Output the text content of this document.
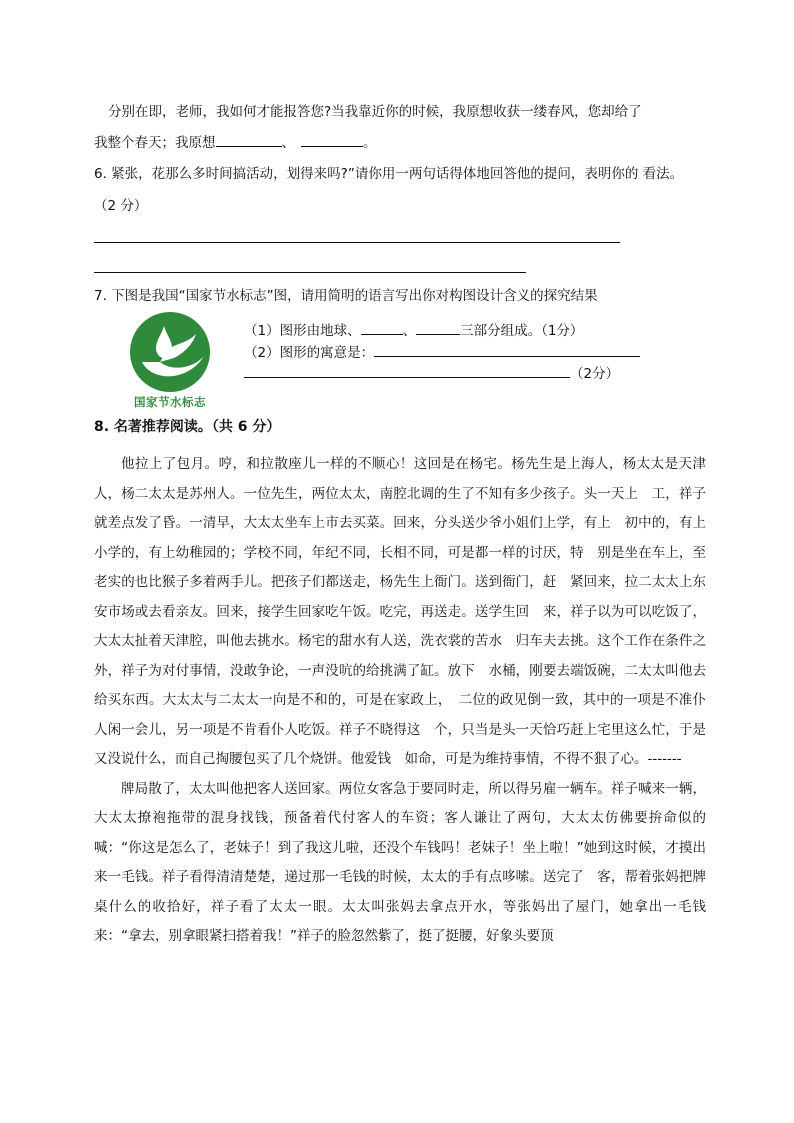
分别在即，老师，我如何才能报答您?当我靠近你的时候，我原想收获一缕春风，您却给了
我整个春天；我原想	、	。
6. 紧张，花那么多时间搞活动，划得来吗?”请你用一两句话得体地回答他的提问，表明你的 看法。
（2 分）
7. 下图是我国“国家节水标志”图，请用简明的语言写出你对构图设计含义的探究结果
国家节水标志
（1）图形由地球、	、	三部分组成。（1分）
（2）图形的寓意是：
（2分）
8. 名著推荐阅读。（共 6 分）

他拉上了包月。哼，和拉散座儿一样的不顺心！这回是在杨宅。杨先生是上海人，杨太太是天津人，杨二太太是苏州人。一位先生，两位太太，南腔北调的生了不知有多少孩子。头一天上　工，祥子就差点发了昏。一清早，大太太坐车上市去买菜。回来，分头送少爷小姐们上学，有上　初中的，有上小学的，有上幼稚园的；学校不同，年纪不同，长相不同，可是都一样的讨厌，特　别是坐在车上，至老实的也比猴子多着两手儿。把孩子们都送走，杨先生上衙门。送到衙门，赶　紧回来，拉二太太上东安市场或去看亲友。回来，接学生回家吃午饭。吃完，再送走。送学生回　来，祥子以为可以吃饭了，大太太扯着天津腔，叫他去挑水。杨宅的甜水有人送，洗衣裳的苦水　归车夫去挑。这个工作在条件之外，祥子为对付事情，没敢争论，一声没吭的给挑满了缸。放下　水桶，刚要去端饭碗，二太太叫他去给买东西。大太太与二太太一向是不和的，可是在家政上，　二位的政见倒一致，其中的一项是不准仆人闲一会儿，另一项是不肯看仆人吃饭。祥子不晓得这　个，只当是头一天恰巧赶上宅里这么忙，于是又没说什么，而自己掏腰包买了几个烧饼。他爱钱　如命，可是为维持事情，不得不狠了心。-------

牌局散了，太太叫他把客人送回家。两位女客急于要同时走，所以得另雇一辆车。祥子喊来一辆，大太太撩袍拖带的混身找钱，预备着代付客人的车资；客人谦让了两句，大太太仿佛要拚命似的喊：“你这是怎么了，老妹子！到了我这儿啦，还没个车钱吗！老妹子！坐上啦！”她到这时候，才摸出来一毛钱。祥子看得清清楚楚，递过那一毛钱的时候，太太的手有点哆嗦。送完了　客，帮着张妈把牌桌什么的收拾好，祥子看了太太一眼。太太叫张妈去拿点开水，等张妈出了屋门，她拿出一毛钱来：“拿去，别拿眼紧扫搭着我！”祥子的脸忽然紫了，挺了挺腰，好象头要顶
